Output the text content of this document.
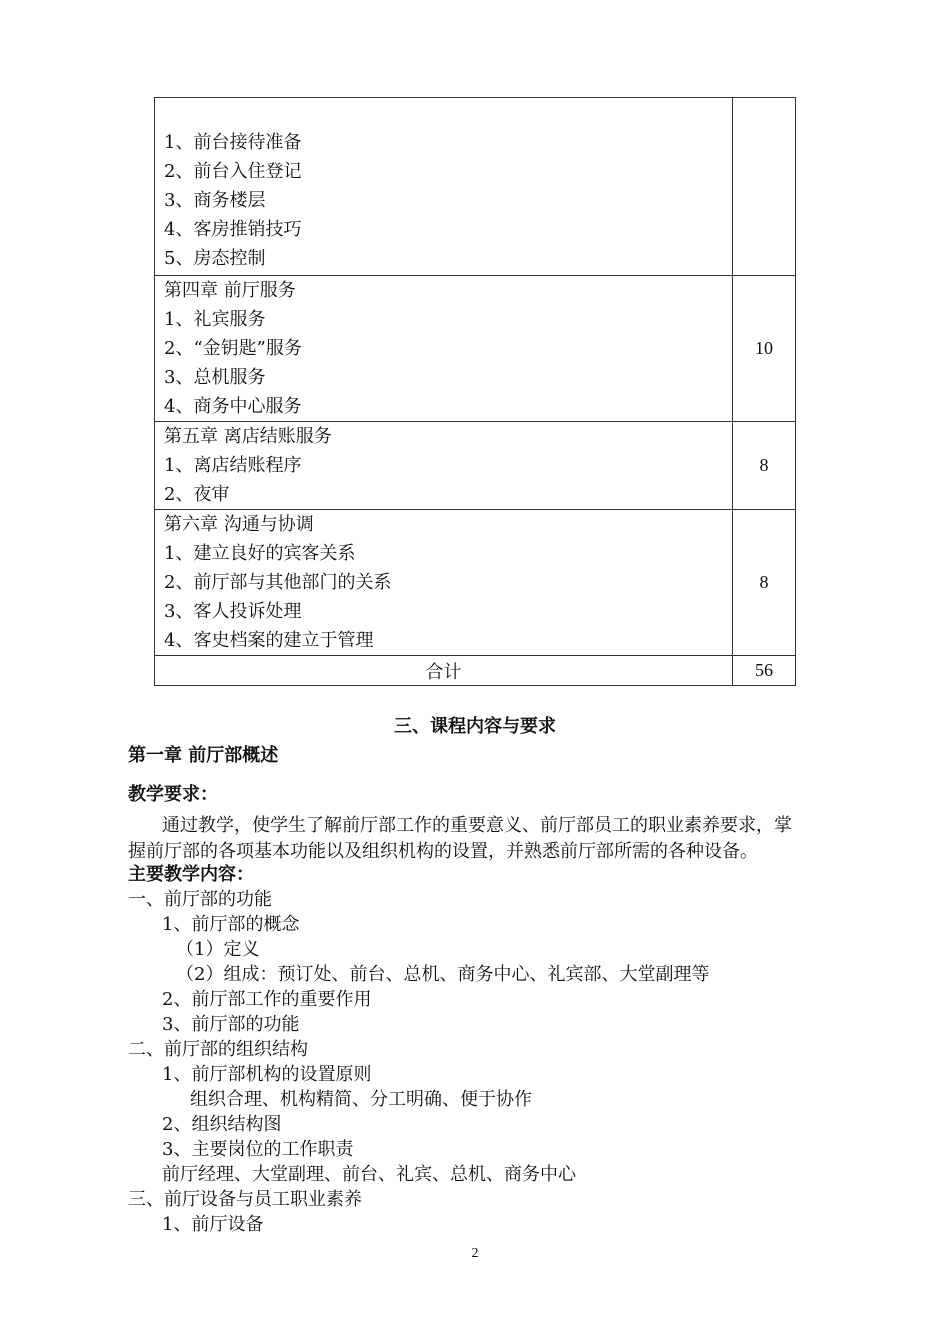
1、前台接待准备
2、前台入住登记
3、商务楼层
4、客房推销技巧
5、房态控制	

第四章 前厅服务
1、礼宾服务
2、“金钥匙”服务
3、总机服务
4、商务中心服务	10

第五章 离店结账服务
1、离店结账程序
2、夜审	8

第六章 沟通与协调
1、建立良好的宾客关系
2、前厅部与其他部门的关系
3、客人投诉处理
4、客史档案的建立于管理	8
合计	56
三、课程内容与要求
第一章 前厅部概述
教学要求：
通过教学，使学生了解前厅部工作的重要意义、前厅部员工的职业素养要求，掌
握前厅部的各项基本功能以及组织机构的设置，并熟悉前厅部所需的各种设备。
主要教学内容：
一、前厅部的功能
1、前厅部的概念
（1）定义
（2）组成：预订处、前台、总机、商务中心、礼宾部、大堂副理等
2、前厅部工作的重要作用
3、前厅部的功能
二、前厅部的组织结构
1、前厅部机构的设置原则
组织合理、机构精简、分工明确、便于协作
2、组织结构图
3、主要岗位的工作职责
前厅经理、大堂副理、前台、礼宾、总机、商务中心
三、前厅设备与员工职业素养
1、前厅设备
2
